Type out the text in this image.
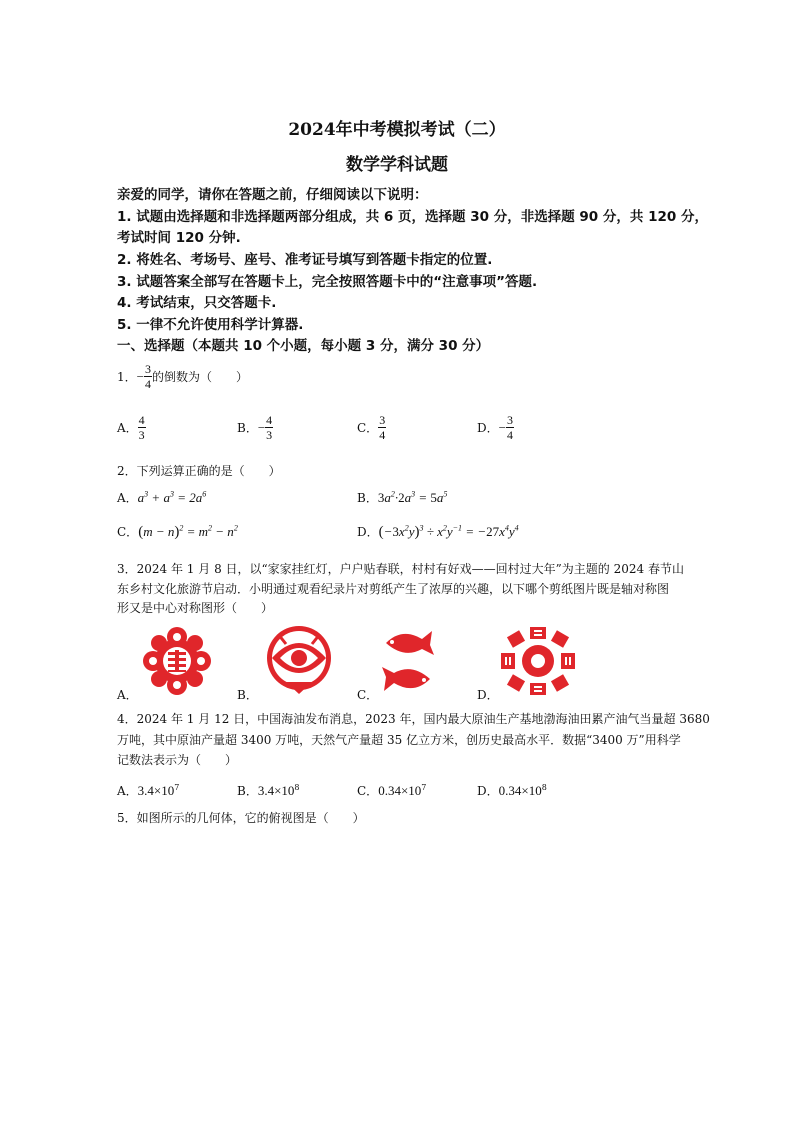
2024年中考模拟考试（二）
数学学科试题
亲爱的同学，请你在答题之前，仔细阅读以下说明：
1. 试题由选择题和非选择题两部分组成，共 6 页，选择题 30 分，非选择题 90 分，共 120 分，
考试时间 120 分钟.
2. 将姓名、考场号、座号、准考证号填写到答题卡指定的位置.
3. 试题答案全部写在答题卡上，完全按照答题卡中的“注意事项”答题.
4. 考试结束，只交答题卡.
5. 一律不允许使用科学计算器.
一、选择题（本题共 10 个小题，每小题 3 分，满分 30 分）
1． − $\frac{3}{4}$ 的倒数为（　　）
A． $\frac{4}{3}$	B． − $\frac{4}{3}$	C． $\frac{3}{4}$	D． − $\frac{3}{4}$
2．下列运算正确的是（　　）
A．$a^3 + a^3 = 2a^6$	B．$3a^2\cdot 2a^3 = 5a^5$
C．$(m - n)^2 = m^2 - n^2$	D．$(-3x^2y)^3 \div x^2y^{-1} = -27x^4y^4$
3．2024 年 1 月 8 日，以“家家挂红灯，户户贴春联，村村有好戏——回村过大年”为主题的 2024 春节山
东乡村文化旅游节启动．小明通过观看纪录片对剪纸产生了浓厚的兴趣，以下哪个剪纸图片既是轴对称图
形又是中心对称图形（　　）
A．	B．	C．	D．
4．2024 年 1 月 12 日，中国海油发布消息，2023 年，国内最大原油生产基地渤海油田累产油气当量超 3680
万吨，其中原油产量超 3400 万吨，天然气产量超 35 亿立方米，创历史最高水平．数据“3400 万”用科学
记数法表示为（　　）
A．$3.4\times 10^7$	B．$3.4\times 10^8$	C．$0.34\times 10^7$	D．$0.34\times 10^8$
5．如图所示的几何体，它的俯视图是（　　）
